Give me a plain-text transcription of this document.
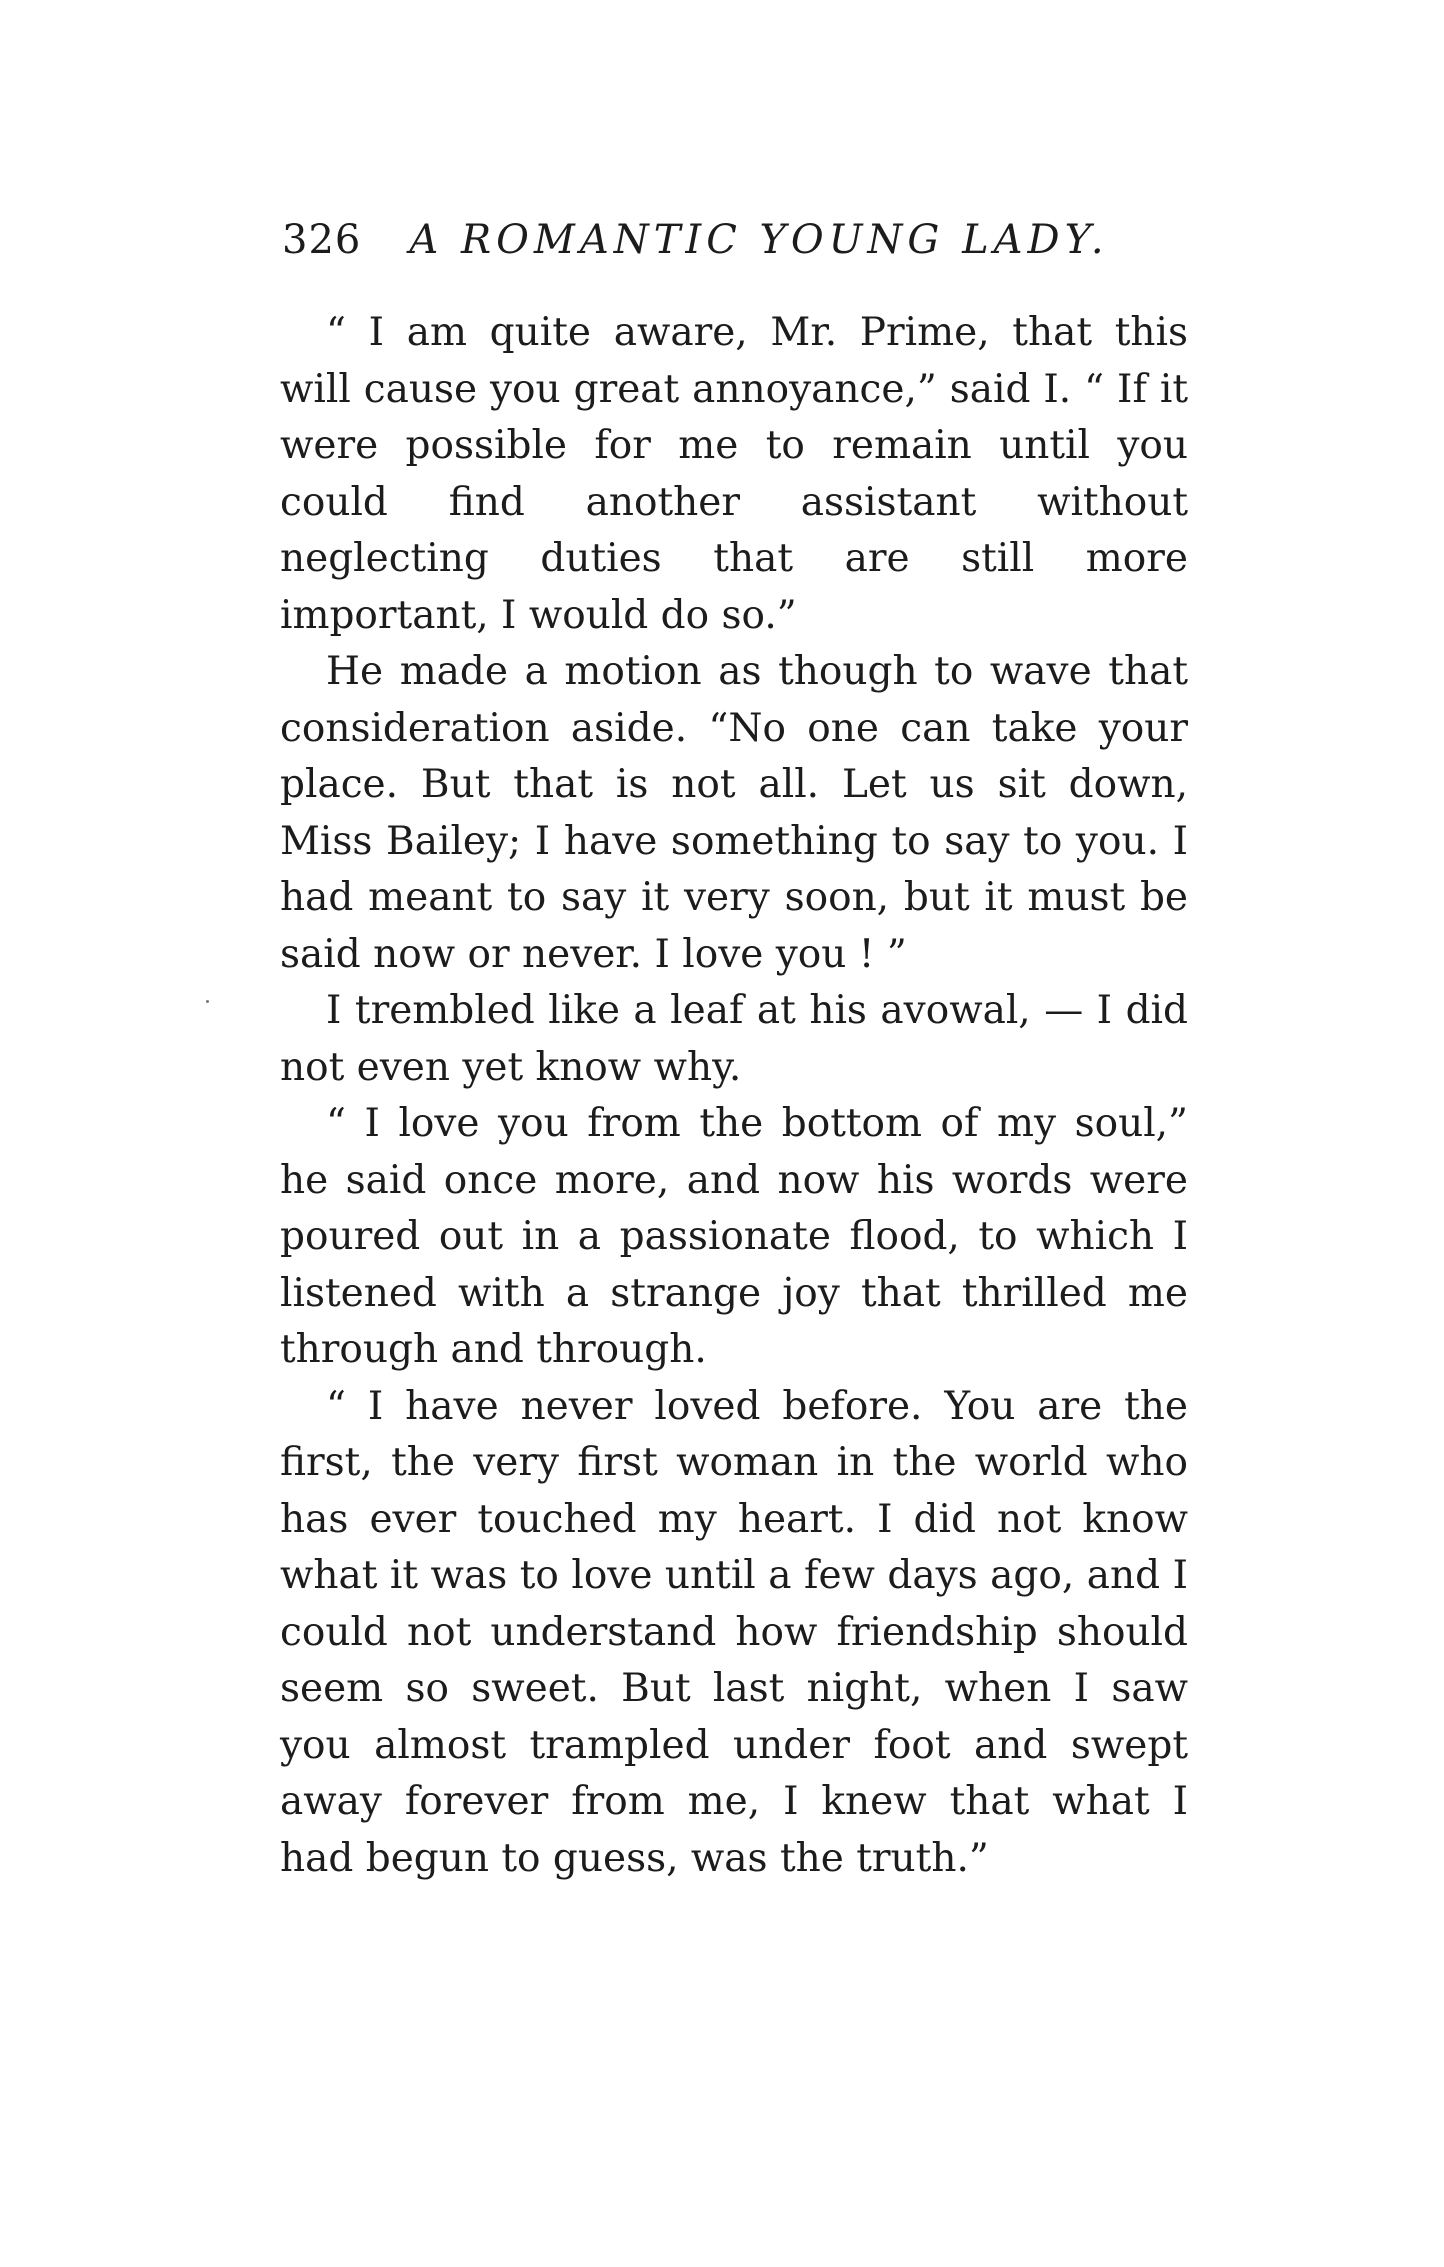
326 A ROMANTIC YOUNG LADY.

“ I am quite aware, Mr. Prime, that this will cause you great annoyance,” said I. “ If it were possible for me to remain until you could find another assistant without neglecting duties that are still more important, I would do so.”

He made a motion as though to wave that consideration aside. “No one can take your place. But that is not all. Let us sit down, Miss Bailey; I have something to say to you. I had meant to say it very soon, but it must be said now or never. I love you ! ”

I trembled like a leaf at his avowal, — I did not even yet know why.

“ I love you from the bottom of my soul,” he said once more, and now his words were poured out in a passionate flood, to which I listened with a strange joy that thrilled me through and through.

“ I have never loved before. You are the first, the very first woman in the world who has ever touched my heart. I did not know what it was to love until a few days ago, and I could not understand how friendship should seem so sweet. But last night, when I saw you almost trampled under foot and swept away forever from me, I knew that what I had begun to guess, was the truth.”
